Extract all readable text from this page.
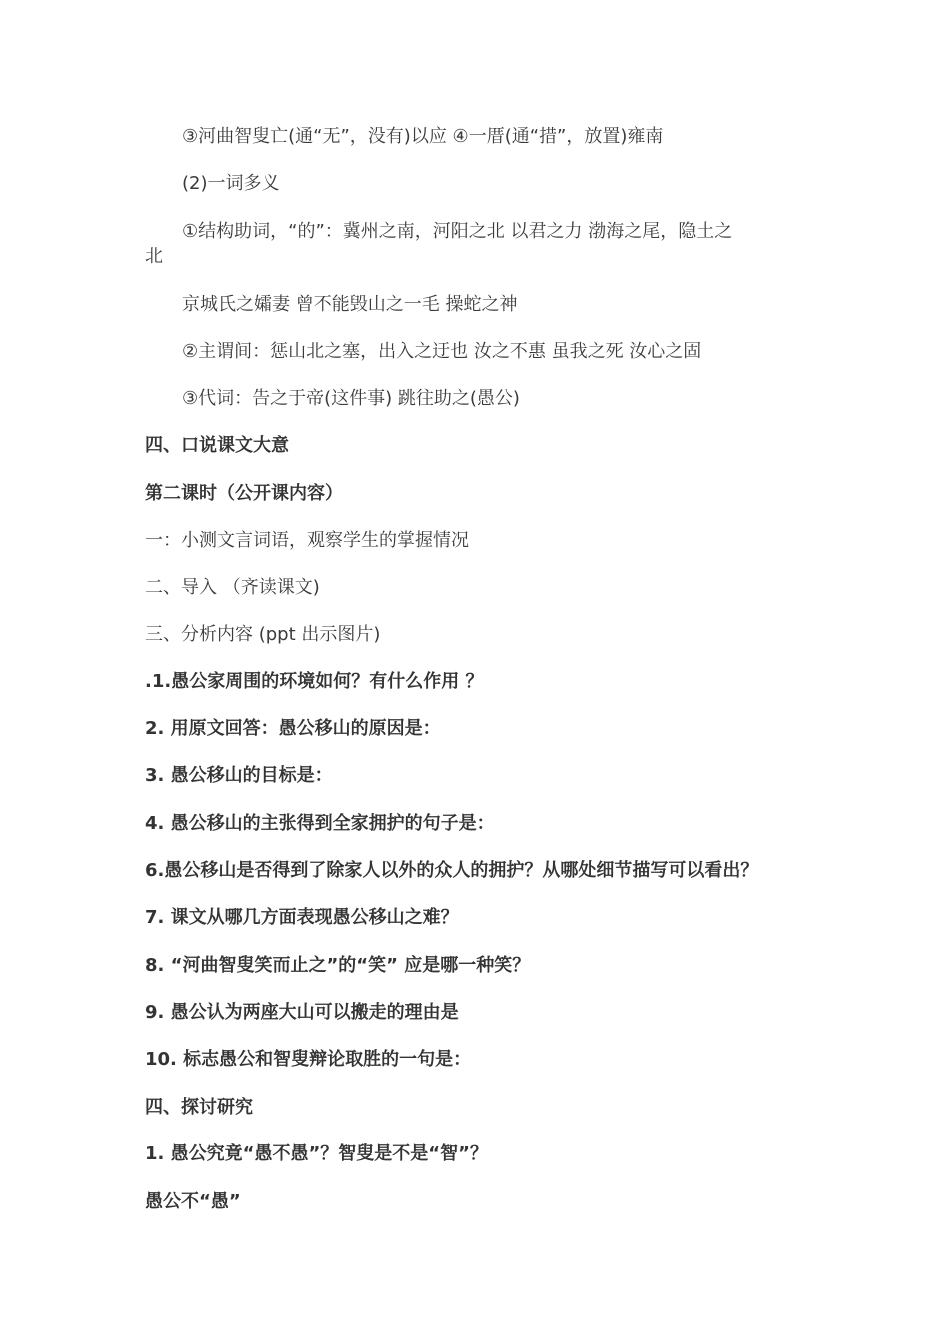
③河曲智叟亡(通“无”，没有)以应 ④一厝(通“措”，放置)雍南
(2)一词多义
①结构助词，“的”：冀州之南，河阳之北 以君之力 渤海之尾，隐土之
北
京城氏之孀妻 曾不能毁山之一毛 操蛇之神
②主谓间：惩山北之塞，出入之迂也 汝之不惠 虽我之死 汝心之固
③代词：告之于帝(这件事) 跳往助之(愚公)
四、口说课文大意
第二课时（公开课内容）
一：小测文言词语，观察学生的掌握情况
二、导入 （齐读课文)
三、分析内容 (ppt 出示图片)
.1.愚公家周围的环境如何？有什么作用 ？
2. 用原文回答：愚公移山的原因是：
3. 愚公移山的目标是：
4. 愚公移山的主张得到全家拥护的句子是：
6.愚公移山是否得到了除家人以外的众人的拥护？从哪处细节描写可以看出？
7. 课文从哪几方面表现愚公移山之难？
8. “河曲智叟笑而止之”的“笑” 应是哪一种笑？
9. 愚公认为两座大山可以搬走的理由是
10. 标志愚公和智叟辩论取胜的一句是：
四、探讨研究
1. 愚公究竟“愚不愚”？智叟是不是“智”？
愚公不“愚”
